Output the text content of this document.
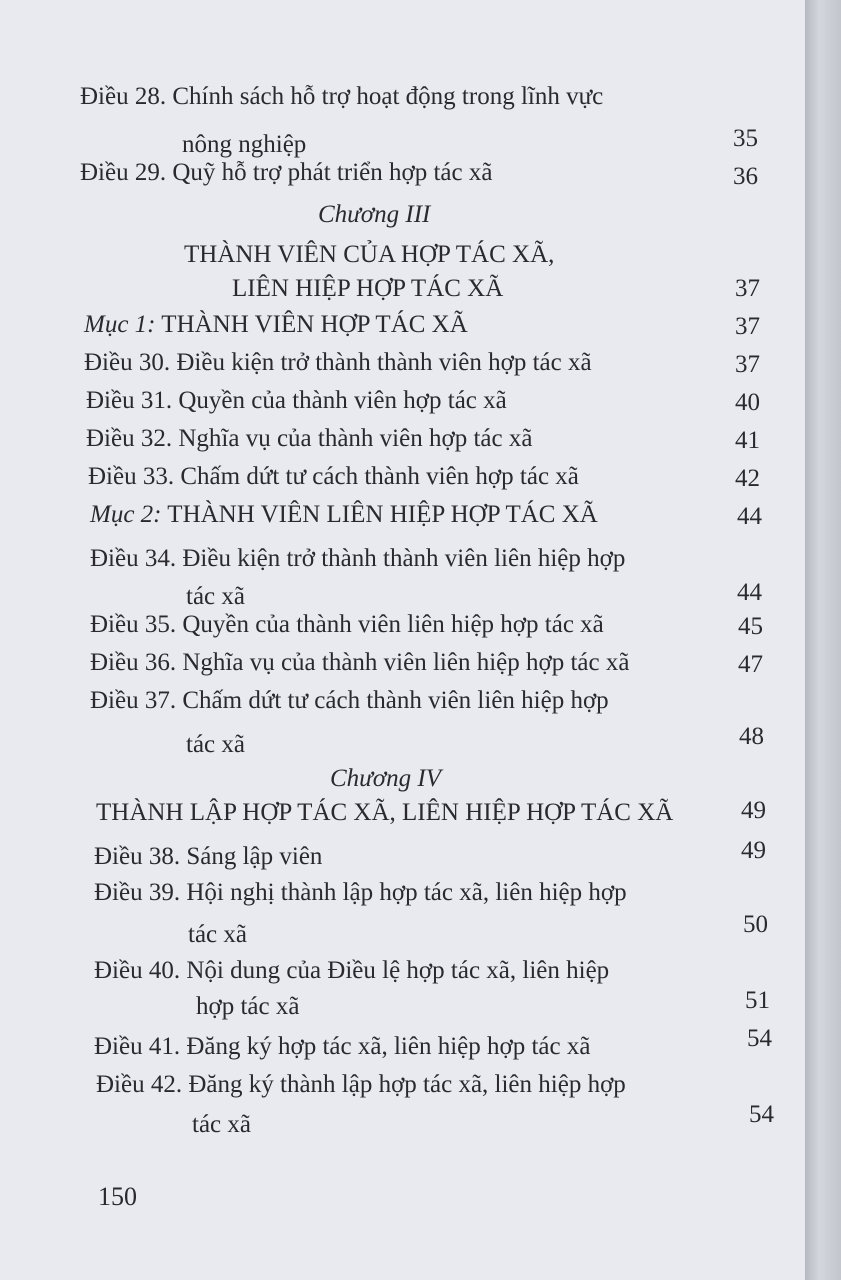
Điều 28. Chính sách hỗ trợ hoạt động trong lĩnh vực
nông nghiệp	35
Điều 29. Quỹ hỗ trợ phát triển hợp tác xã	36
Chương III
THÀNH VIÊN CỦA HỢP TÁC XÃ,
LIÊN HIỆP HỢP TÁC XÃ	37
Mục 1: THÀNH VIÊN HỢP TÁC XÃ	37
Điều 30. Điều kiện trở thành thành viên hợp tác xã	37
Điều 31. Quyền của thành viên hợp tác xã	40
Điều 32. Nghĩa vụ của thành viên hợp tác xã	41
Điều 33. Chấm dứt tư cách thành viên hợp tác xã	42
Mục 2: THÀNH VIÊN LIÊN HIỆP HỢP TÁC XÃ	44
Điều 34. Điều kiện trở thành thành viên liên hiệp hợp
tác xã	44
Điều 35. Quyền của thành viên liên hiệp hợp tác xã	45
Điều 36. Nghĩa vụ của thành viên liên hiệp hợp tác xã	47
Điều 37. Chấm dứt tư cách thành viên liên hiệp hợp
tác xã	48
Chương IV
THÀNH LẬP HỢP TÁC XÃ, LIÊN HIỆP HỢP TÁC XÃ	49
Điều 38. Sáng lập viên	49
Điều 39. Hội nghị thành lập hợp tác xã, liên hiệp hợp
tác xã	50
Điều 40. Nội dung của Điều lệ hợp tác xã, liên hiệp
hợp tác xã	51
Điều 41. Đăng ký hợp tác xã, liên hiệp hợp tác xã	54
Điều 42. Đăng ký thành lập hợp tác xã, liên hiệp hợp
tác xã	54
150
